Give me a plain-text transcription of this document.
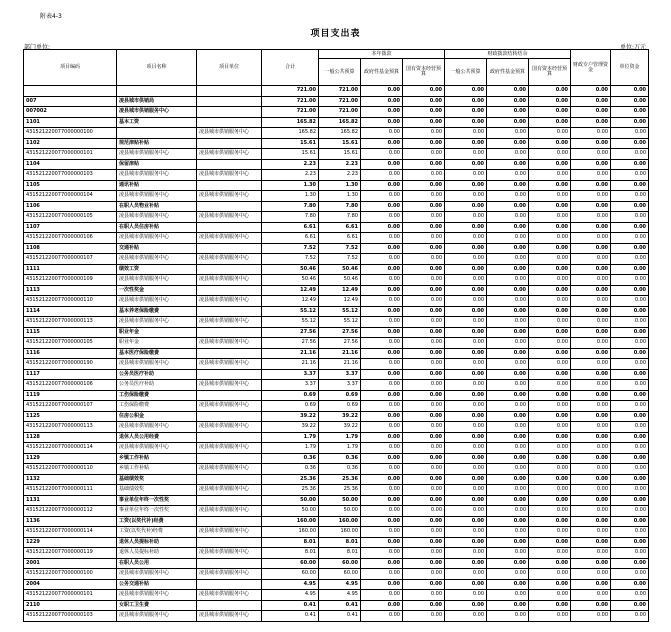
附表4-3
项目支出表
部门单位:	单位:万元
项目编码	项目名称	项目单位	合计	本年拨款			财政拨款结转结余			财政专户管理资金	单位资金
				一般公共预算	政府性基金预算	国有资本经营预算	一般公共预算	政府性基金预算	国有资本经营预算		
			721.00	721.00	0.00	0.00	0.00	0.00	0.00	0.00	0.00
007	凌县城市供销局		721.00	721.00	0.00	0.00	0.00	0.00	0.00	0.00	0.00
007002	凌县城市供销服务中心		721.00	721.00	0.00	0.00	0.00	0.00	0.00	0.00	0.00
1101	基本工资		165.82	165.82	0.00	0.00	0.00	0.00	0.00	0.00	0.00
431521220077000000100		凌县城市供销服务中心	165.82	165.82	0.00	0.00	0.00	0.00	0.00	0.00	0.00
1102	规范津贴补贴		15.61	15.61	0.00	0.00	0.00	0.00	0.00	0.00	0.00
431521220077000000101	凌县城市供销服务中心	凌县城市供销服务中心	15.61	15.61	0.00	0.00	0.00	0.00	0.00	0.00	0.00
1104	保留津贴		2.23	2.23	0.00	0.00	0.00	0.00	0.00	0.00	0.00
431521220077000000103	凌县城市供销服务中心	凌县城市供销服务中心	2.23	2.23	0.00	0.00	0.00	0.00	0.00	0.00	0.00
1105	通讯补贴		1.30	1.30	0.00	0.00	0.00	0.00	0.00	0.00	0.00
431521220077000000104	凌县城市供销服务中心	凌县城市供销服务中心	1.30	1.30	0.00	0.00	0.00	0.00	0.00	0.00	0.00
1106	在职人员物业补贴		7.80	7.80	0.00	0.00	0.00	0.00	0.00	0.00	0.00
431521220077000000105	凌县城市供销服务中心	凌县城市供销服务中心	7.80	7.80	0.00	0.00	0.00	0.00	0.00	0.00	0.00
1107	在职人员住房补贴		6.61	6.61	0.00	0.00	0.00	0.00	0.00	0.00	0.00
431521220077000000106	凌县城市供销服务中心	凌县城市供销服务中心	6.61	6.61	0.00	0.00	0.00	0.00	0.00	0.00	0.00
1108	交通补贴		7.52	7.52	0.00	0.00	0.00	0.00	0.00	0.00	0.00
431521220077000000107	凌县城市供销服务中心	凌县城市供销服务中心	7.52	7.52	0.00	0.00	0.00	0.00	0.00	0.00	0.00
1111	绩效工资		50.46	50.46	0.00	0.00	0.00	0.00	0.00	0.00	0.00
431521220077000000109	凌县城市供销服务中心	凌县城市供销服务中心	50.46	50.46	0.00	0.00	0.00	0.00	0.00	0.00	0.00
1113	一次性奖金		12.49	12.49	0.00	0.00	0.00	0.00	0.00	0.00	0.00
431521220077000000110	凌县城市供销服务中心	凌县城市供销服务中心	12.49	12.49	0.00	0.00	0.00	0.00	0.00	0.00	0.00
1114	基本养老保险缴费		55.12	55.12	0.00	0.00	0.00	0.00	0.00	0.00	0.00
431521220077000000113	凌县城市供销服务中心	凌县城市供销服务中心	55.12	55.12	0.00	0.00	0.00	0.00	0.00	0.00	0.00
1115	职业年金		27.56	27.56	0.00	0.00	0.00	0.00	0.00	0.00	0.00
431521220077000000105	职业年金	凌县城市供销服务中心	27.56	27.56	0.00	0.00	0.00	0.00	0.00	0.00	0.00
1116	基本医疗保险缴费		21.16	21.16	0.00	0.00	0.00	0.00	0.00	0.00	0.00
431521220077000000190	凌县城市供销服务中心	凌县城市供销服务中心	21.16	21.16	0.00	0.00	0.00	0.00	0.00	0.00	0.00
1117	公务员医疗补助		3.37	3.37	0.00	0.00	0.00	0.00	0.00	0.00	0.00
431521220077000000106	公务员医疗补助	凌县城市供销服务中心	3.37	3.37	0.00	0.00	0.00	0.00	0.00	0.00	0.00
1119	工伤保险缴费		0.69	0.69	0.00	0.00	0.00	0.00	0.00	0.00	0.00
431521220077000000107	工伤保险缴费	凌县城市供销服务中心	0.69	0.69	0.00	0.00	0.00	0.00	0.00	0.00	0.00
1125	住房公积金		39.22	39.22	0.00	0.00	0.00	0.00	0.00	0.00	0.00
431521220077000000113	凌县城市供销服务中心	凌县城市供销服务中心	39.22	39.22	0.00	0.00	0.00	0.00	0.00	0.00	0.00
1128	退休人员公用经费		1.79	1.79	0.00	0.00	0.00	0.00	0.00	0.00	0.00
431521220077000000114	凌县城市供销服务中心	凌县城市供销服务中心	1.79	1.79	0.00	0.00	0.00	0.00	0.00	0.00	0.00
1129	乡镇工作补贴		0.36	0.36	0.00	0.00	0.00	0.00	0.00	0.00	0.00
431521220077000000110	乡镇工作补贴	凌县城市供销服务中心	0.36	0.36	0.00	0.00	0.00	0.00	0.00	0.00	0.00
1132	基础绩效奖		25.36	25.36	0.00	0.00	0.00	0.00	0.00	0.00	0.00
431521220077000000111	基础绩效奖	凌县城市供销服务中心	25.36	25.36	0.00	0.00	0.00	0.00	0.00	0.00	0.00
1131	事业单位年终一次性奖		50.00	50.00	0.00	0.00	0.00	0.00	0.00	0.00	0.00
431521220077000000112	事业单位年终一次性奖	凌县城市供销服务中心	50.00	50.00	0.00	0.00	0.00	0.00	0.00	0.00	0.00
1136	工资(以奖代补)经费		160.00	160.00	0.00	0.00	0.00	0.00	0.00	0.00	0.00
431521220077000000114	工资(以奖代补)经费	凌县城市供销服务中心	160.00	160.00	0.00	0.00	0.00	0.00	0.00	0.00	0.00
1229	退休人员提标补助		8.01	8.01	0.00	0.00	0.00	0.00	0.00	0.00	0.00
431521220077000000119	退休人员提标补助	凌县城市供销服务中心	8.01	8.01	0.00	0.00	0.00	0.00	0.00	0.00	0.00
2001	在职人员公用		60.00	60.00	0.00	0.00	0.00	0.00	0.00	0.00	0.00
431521220077000000100	凌县城市供销服务中心	凌县城市供销服务中心	60.00	60.00	0.00	0.00	0.00	0.00	0.00	0.00	0.00
2004	公务交通补贴		4.95	4.95	0.00	0.00	0.00	0.00	0.00	0.00	0.00
431521220077000000101	凌县城市供销服务中心	凌县城市供销服务中心	4.95	4.95	0.00	0.00	0.00	0.00	0.00	0.00	0.00
2110	女职工卫生费		0.41	0.41	0.00	0.00	0.00	0.00	0.00	0.00	0.00
431521220077000000103	凌县城市供销服务中心	凌县城市供销服务中心	0.41	0.41	0.00	0.00	0.00	0.00	0.00	0.00	0.00
